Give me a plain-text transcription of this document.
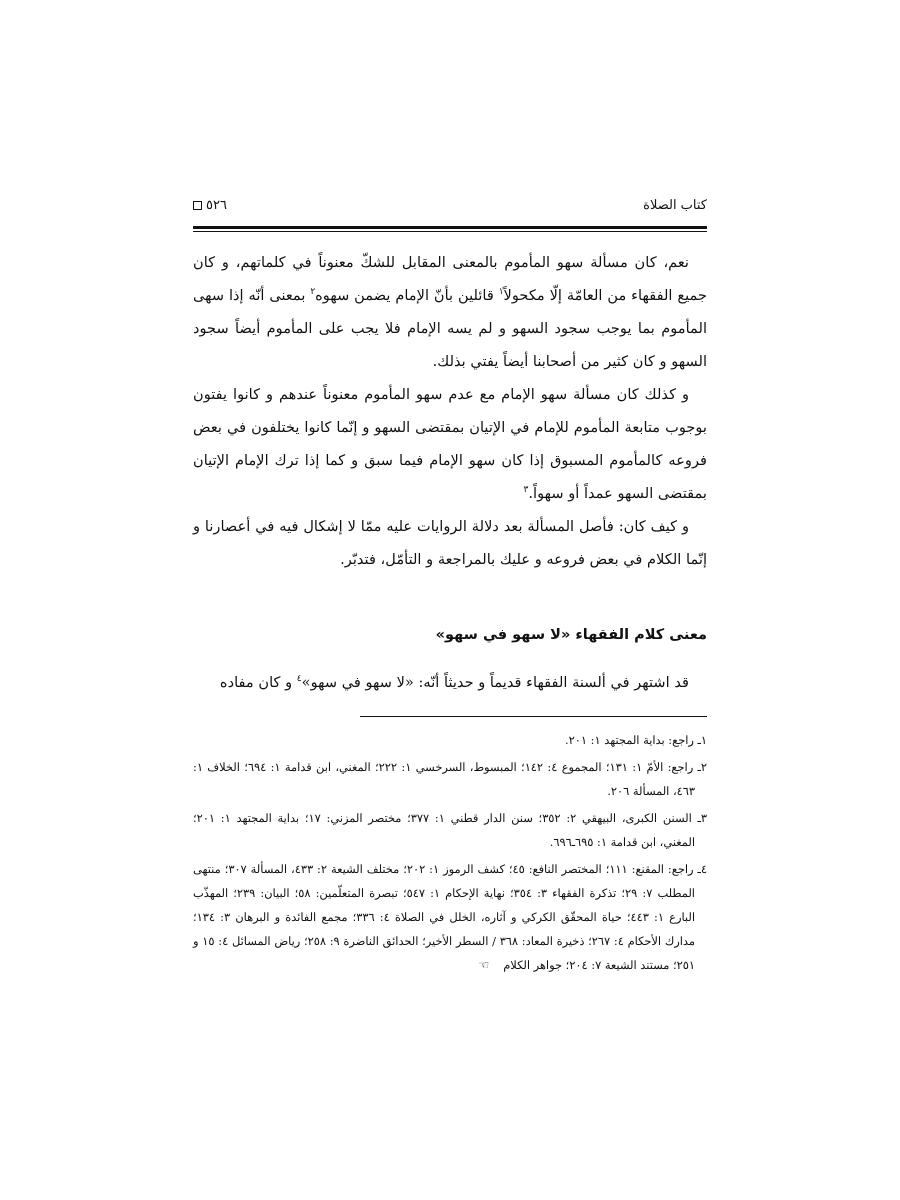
كتاب الصلاة
٥٢٦

نعم، كان مسألة سهو المأموم بالمعنى المقابل للشكّ معنوناً في كلماتهم، و كان جميع الفقهاء من العامّة إلّا مكحولاً$^١$ قائلين بأنّ الإمام يضمن سهوه$^٢$ بمعنى أنّه إذا سهى المأموم بما يوجب سجود السهو و لم يسه الإمام فلا يجب على المأموم أيضاً سجود السهو و كان كثير من أصحابنا أيضاً يفتي بذلك.

و كذلك كان مسألة سهو الإمام مع عدم سهو المأموم معنوناً عندهم و كانوا يفتون بوجوب متابعة المأموم للإمام في الإتيان بمقتضى السهو و إنّما كانوا يختلفون في بعض فروعه كالمأموم المسبوق إذا كان سهو الإمام فيما سبق و كما إذا ترك الإمام الإتيان بمقتضى السهو عمداً أو سهواً.$^٣$

و كيف كان: فأصل المسألة بعد دلالة الروايات عليه ممّا لا إشكال فيه في أعصارنا و إنّما الكلام في بعض فروعه و عليك بالمراجعة و التأمّل، فتدبّر.

معنى كلام الفقهاء «لا سهو في سهو»
قد اشتهر في ألسنة الفقهاء قديماً و حديثاً أنّه: «لا سهو في سهو»$^٤$ و كان مفاده

١ـ راجع: بداية المجتهد ١: ٢٠١.

٢ـ راجع: الأمّ ١: ١٣١؛ المجموع ٤: ١٤٢؛ المبسوط، السرخسي ١: ٢٢٢؛ المغني، ابن قدامة ١: ٦٩٤؛ الخلاف ١: ٤٦٣، المسألة ٢٠٦.

٣ـ السنن الكبرى، البيهقي ٢: ٣٥٢؛ سنن الدار قطني ١: ٣٧٧؛ مختصر المزني: ١٧؛ بداية المجتهد ١: ٢٠١؛ المغني، ابن قدامة ١: ٦٩٥ـ٦٩٦.

٤ـ راجع: المقنع: ١١١؛ المختصر النافع: ٤٥؛ كشف الرموز ١: ٢٠٢؛ مختلف الشيعة ٢: ٤٣٣، المسألة ٣٠٧؛ منتهى المطلب ٧: ٢٩؛ تذكرة الفقهاء ٣: ٣٥٤؛ نهاية الإحكام ١: ٥٤٧؛ تبصرة المتعلّمين: ٥٨؛ البيان: ٢٣٩؛ المهذّب البارع ١: ٤٤٣؛ حياة المحقّق الكركي و آثاره، الخلل في الصلاة ٤: ٣٣٦؛ مجمع الفائدة و البرهان ٣: ١٣٤؛ مدارك الأحكام ٤: ٢٦٧؛ ذخيرة المعاد: ٣٦٨ / السطر الأخير؛ الحدائق الناضرة ٩: ٢٥٨؛ رياض المسائل ٤: ١٥ و ٢٥١؛ مستند الشيعة ٧: ٢٠٤؛ جواهر الكلام☜
